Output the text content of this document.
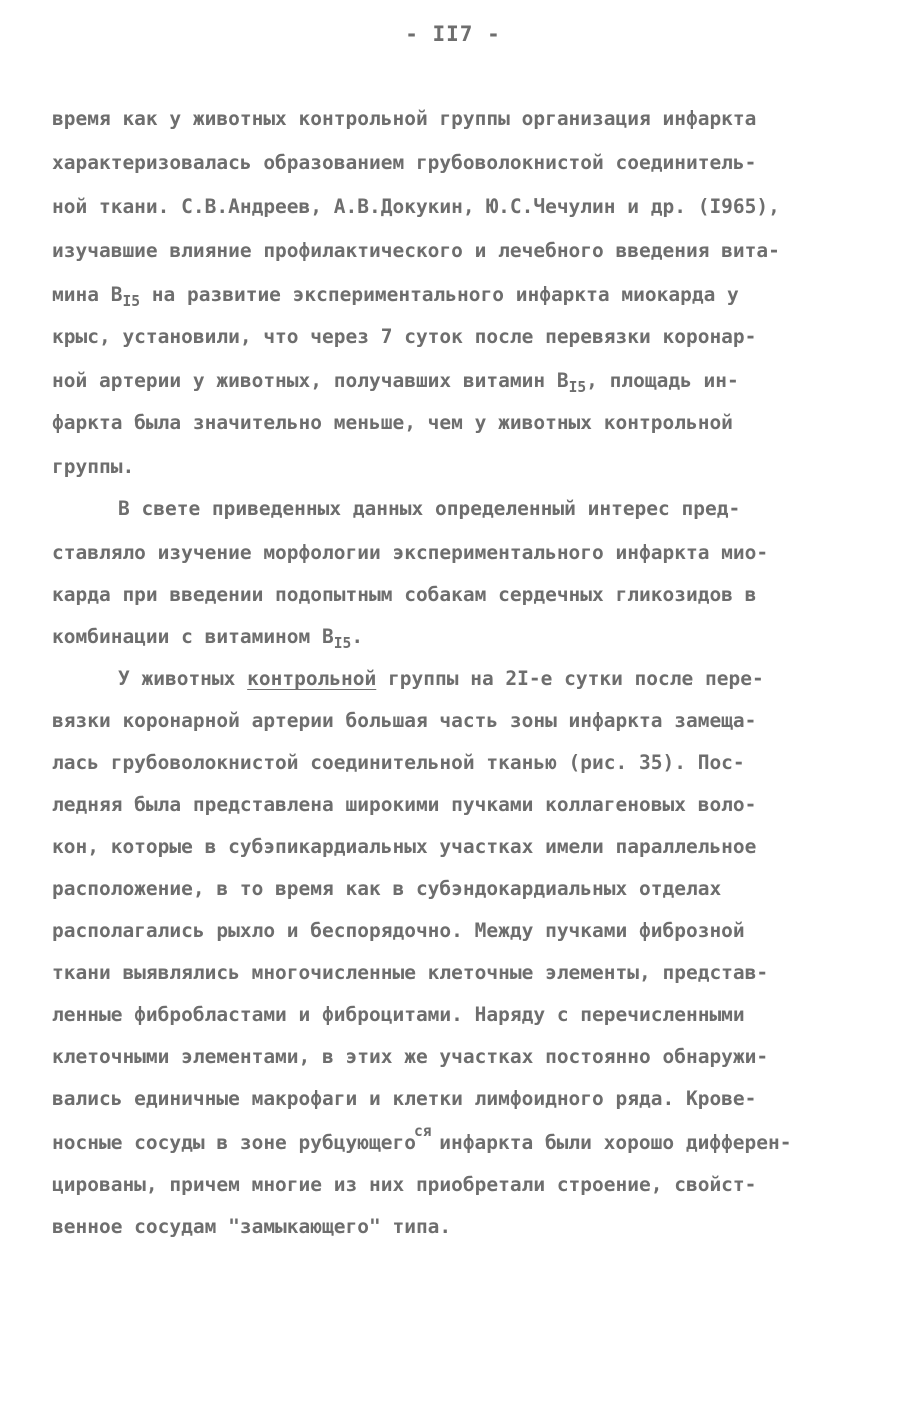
- II7 -
время как у животных контрольной группы организация инфаркта
характеризовалась образованием грубоволокнистой соединитель-
ной ткани. С.В.Андреев, А.В.Докукин, Ю.С.Чечулин и др. (I965),
изучавшие влияние профилактического и лечебного введения вита-
мина $B_{I5}$ на развитие экспериментального инфаркта миокарда у
крыс, установили, что через 7 суток после перевязки коронар-
ной артерии у животных, получавших витамин $B_{I5}$, площадь ин-
фаркта была значительно меньше, чем у животных контрольной
группы.
В свете приведенных данных определенный интерес пред-
ставляло изучение морфологии экспериментального инфаркта мио-
карда при введении подопытным собакам сердечных гликозидов в
комбинации с витамином $B_{I5}$.
У животных контрольной группы на 2I-е сутки после пере-
вязки коронарной артерии большая часть зоны инфаркта замеща-
лась грубоволокнистой соединительной тканью (рис. 35). Пос-
ледняя была представлена широкими пучками коллагеновых воло-
кон, которые в субэпикардиальных участках имели параллельное
расположение, в то время как в субэндокардиальных отделах
располагались рыхло и беспорядочно. Между пучками фиброзной
ткани выявлялись многочисленные клеточные элементы, представ-
ленные фибробластами и фиброцитами. Наряду с перечисленными
клеточными элементами, в этих же участках постоянно обнаружи-
вались единичные макрофаги и клетки лимфоидного ряда. Крове-
носные сосуды в зоне рубцующего$^{ся}$ инфаркта были хорошо дифферен-
цированы, причем многие из них приобретали строение, свойст-
венное сосудам "замыкающего" типа.
